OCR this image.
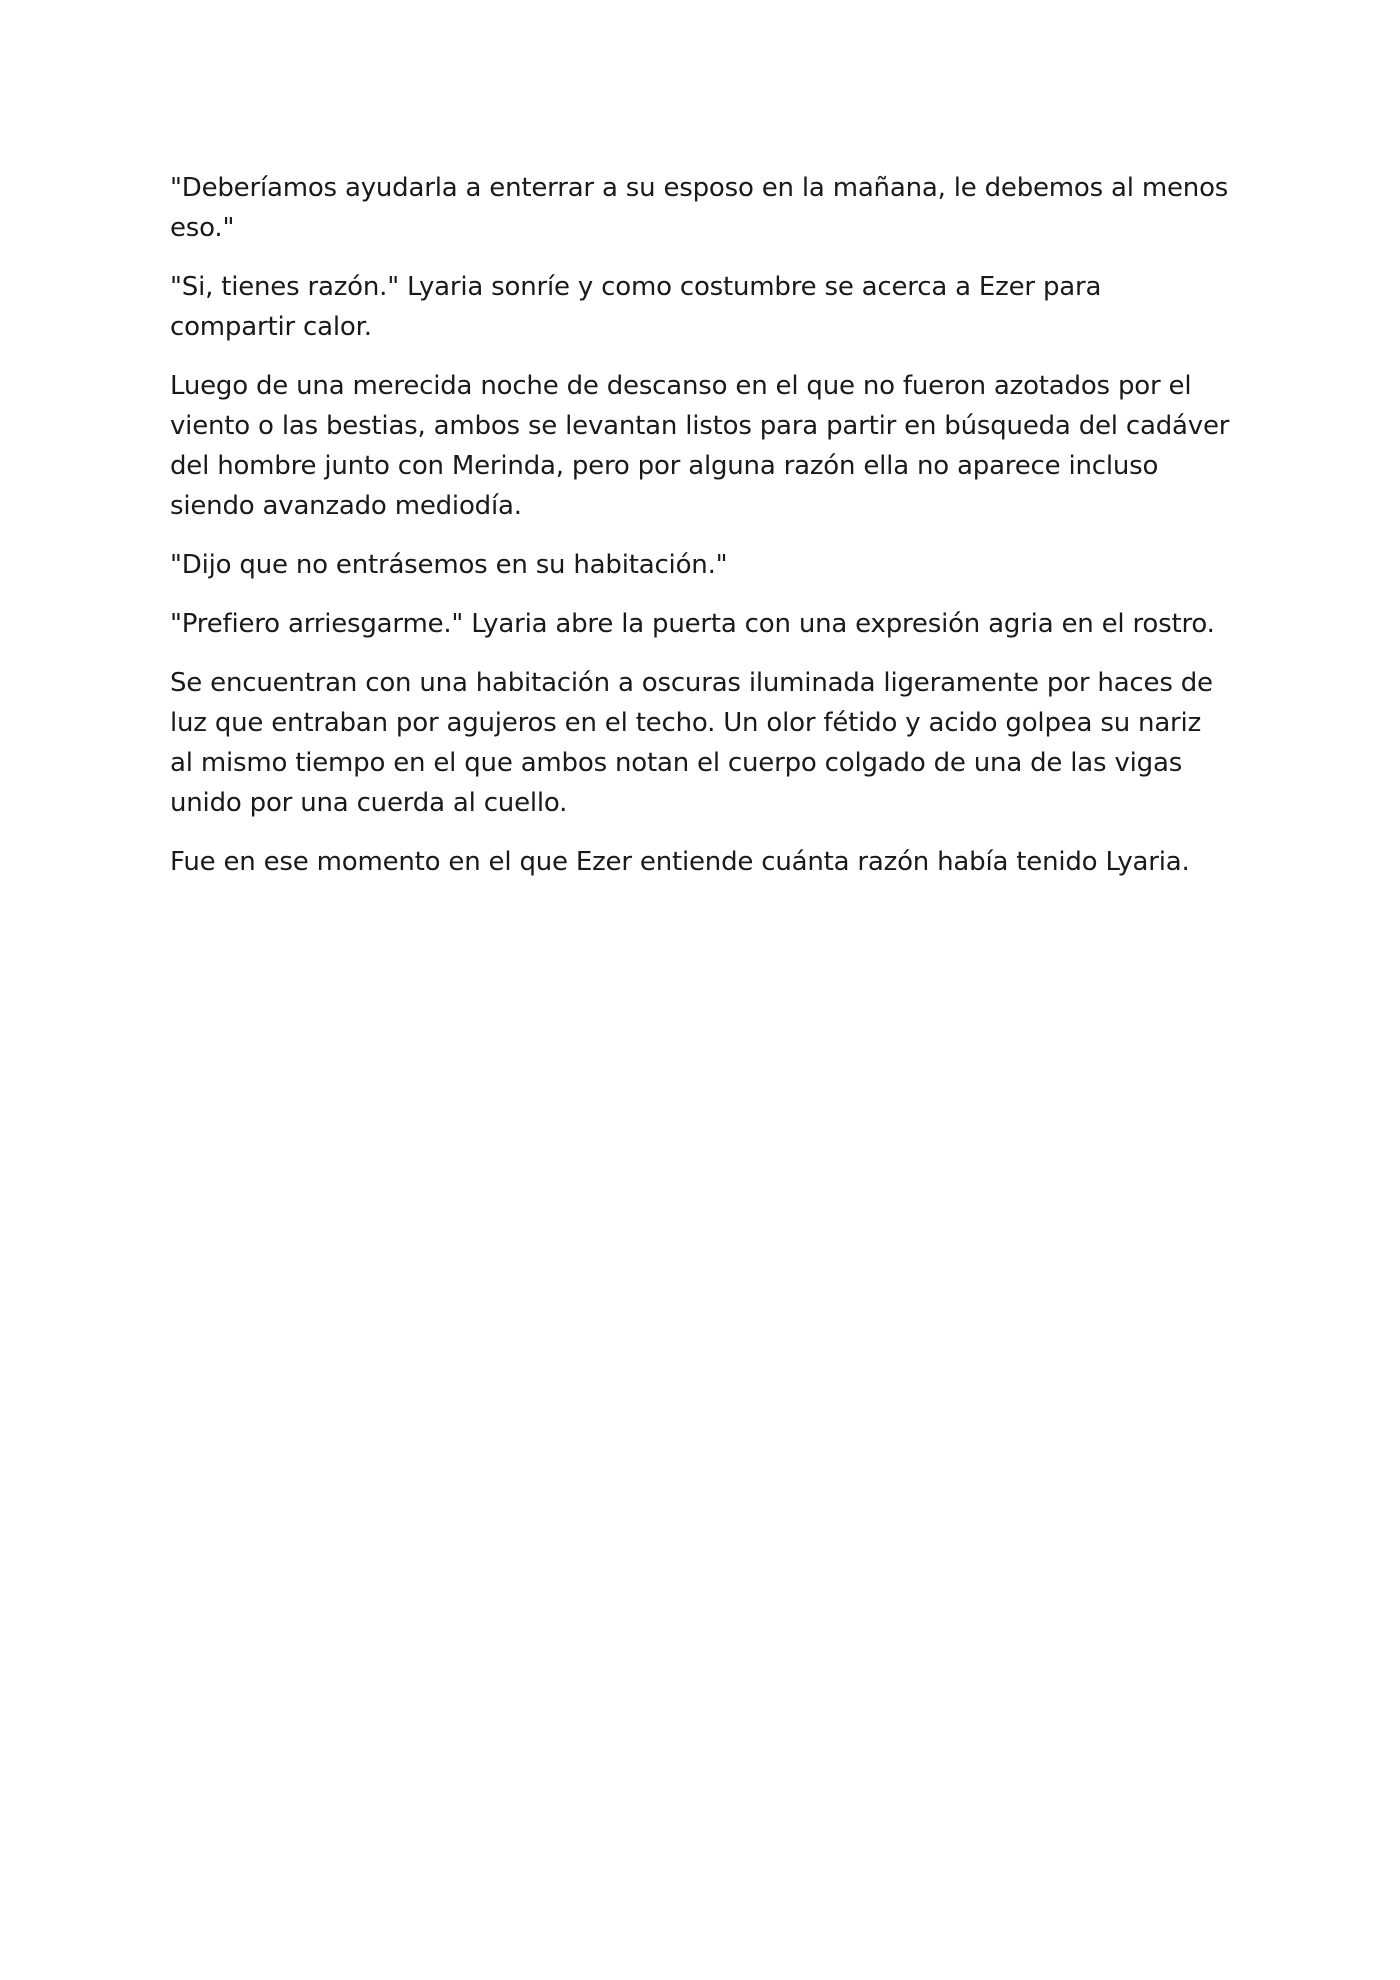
"Deberíamos ayudarla a enterrar a su esposo en la mañana, le debemos al menos eso."

"Si, tienes razón." Lyaria sonríe y como costumbre se acerca a Ezer para compartir calor.

Luego de una merecida noche de descanso en el que no fueron azotados por el viento o las bestias, ambos se levantan listos para partir en búsqueda del cadáver del hombre junto con Merinda, pero por alguna razón ella no aparece incluso siendo avanzado mediodía.

"Dijo que no entrásemos en su habitación."

"Prefiero arriesgarme." Lyaria abre la puerta con una expresión agria en el rostro.

Se encuentran con una habitación a oscuras iluminada ligeramente por haces de luz que entraban por agujeros en el techo. Un olor fétido y acido golpea su nariz al mismo tiempo en el que ambos notan el cuerpo colgado de una de las vigas unido por una cuerda al cuello.

Fue en ese momento en el que Ezer entiende cuánta razón había tenido Lyaria.
